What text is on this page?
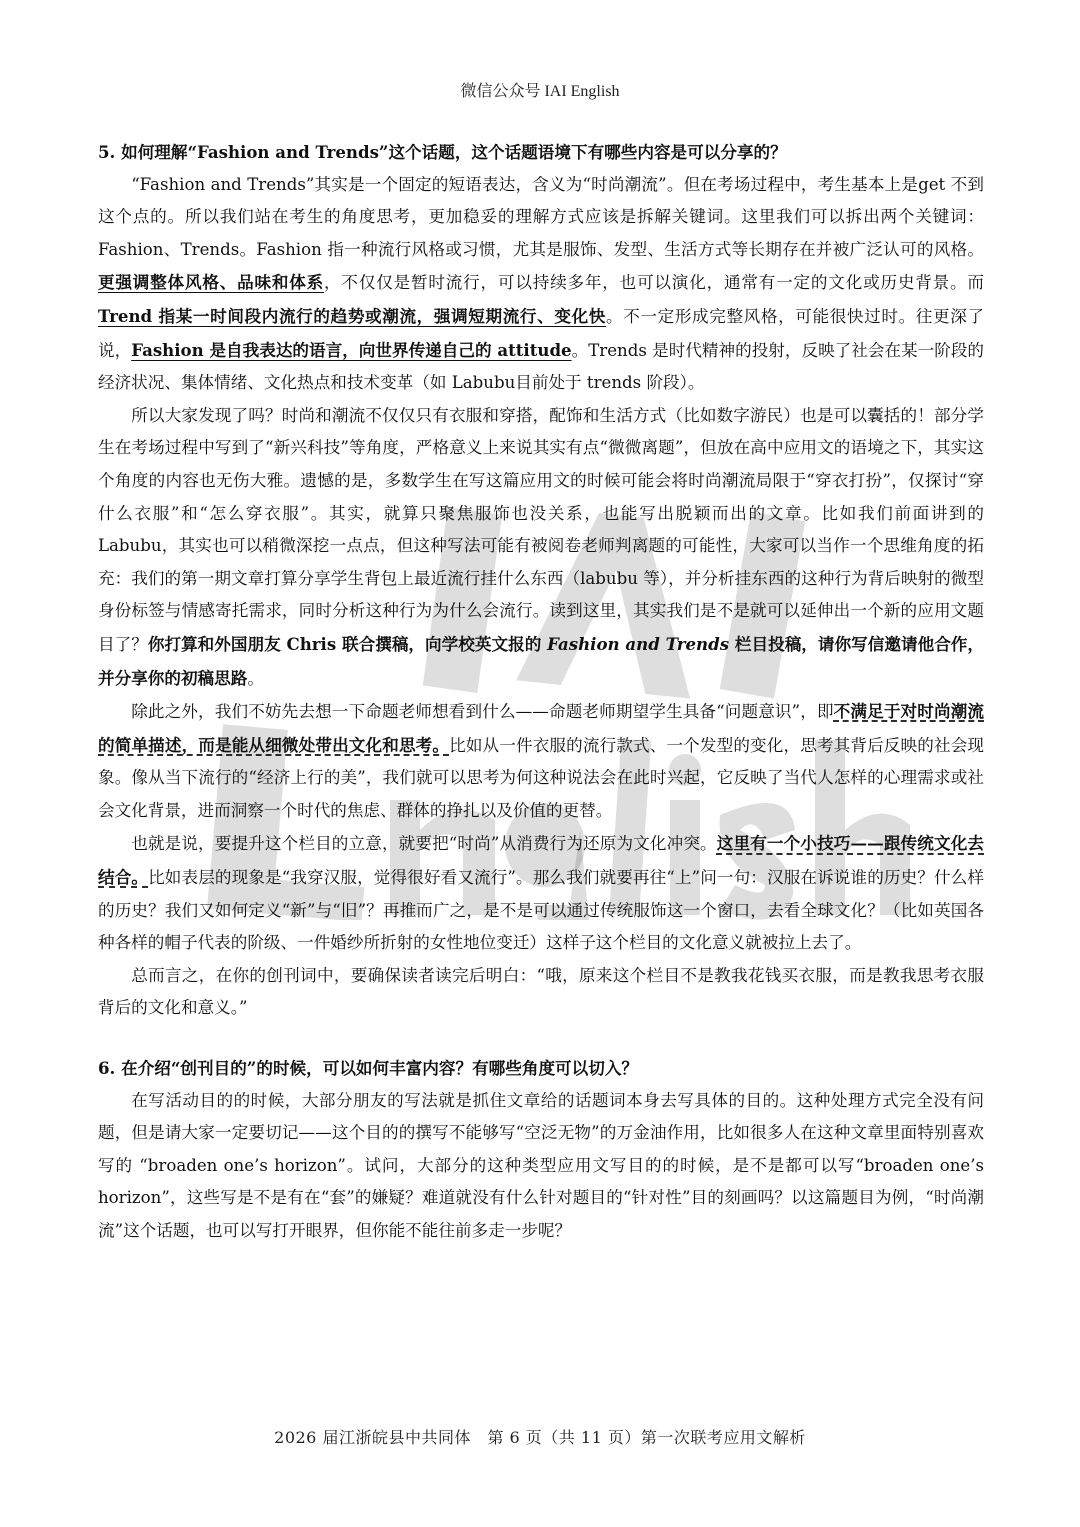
微信公众号 IAI English

5. 如何理解“Fashion and Trends”这个话题，这个话题语境下有哪些内容是可以分享的？

“Fashion and Trends”其实是一个固定的短语表达，含义为“时尚潮流”。但在考场过程中，考生基本上是get 不到这个点的。所以我们站在考生的角度思考，更加稳妥的理解方式应该是拆解关键词。这里我们可以拆出两个关键词：Fashion、Trends。Fashion 指一种流行风格或习惯，尤其是服饰、发型、生活方式等长期存在并被广泛认可的风格。更强调整体风格、品味和体系，不仅仅是暂时流行，可以持续多年，也可以演化，通常有一定的文化或历史背景。而 Trend 指某一时间段内流行的趋势或潮流，强调短期流行、变化快。不一定形成完整风格，可能很快过时。往更深了说，Fashion 是自我表达的语言，向世界传递自己的 attitude。Trends 是时代精神的投射，反映了社会在某一阶段的经济状况、集体情绪、文化热点和技术变革（如 Labubu目前处于 trends 阶段）。

所以大家发现了吗？时尚和潮流不仅仅只有衣服和穿搭，配饰和生活方式（比如数字游民）也是可以囊括的！部分学生在考场过程中写到了“新兴科技”等角度，严格意义上来说其实有点“微微离题”，但放在高中应用文的语境之下，其实这个角度的内容也无伤大雅。遗憾的是，多数学生在写这篇应用文的时候可能会将时尚潮流局限于“穿衣打扮”，仅探讨“穿什么衣服”和“怎么穿衣服”。其实，就算只聚焦服饰也没关系，也能写出脱颖而出的文章。比如我们前面讲到的 Labubu，其实也可以稍微深挖一点点，但这种写法可能有被阅卷老师判离题的可能性，大家可以当作一个思维角度的拓充：我们的第一期文章打算分享学生背包上最近流行挂什么东西（labubu 等），并分析挂东西的这种行为背后映射的微型身份标签与情感寄托需求，同时分析这种行为为什么会流行。读到这里，其实我们是不是就可以延伸出一个新的应用文题目了？你打算和外国朋友 Chris 联合撰稿，向学校英文报的 Fashion and Trends 栏目投稿，请你写信邀请他合作，并分享你的初稿思路。

除此之外，我们不妨先去想一下命题老师想看到什么——命题老师期望学生具备“问题意识”，即不满足于对时尚潮流的简单描述，而是能从细微处带出文化和思考。比如从一件衣服的流行款式、一个发型的变化，思考其背后反映的社会现象。像从当下流行的“经济上行的美”，我们就可以思考为何这种说法会在此时兴起，它反映了当代人怎样的心理需求或社会文化背景，进而洞察一个时代的焦虑、群体的挣扎以及价值的更替。

也就是说，要提升这个栏目的立意，就要把“时尚”从消费行为还原为文化冲突。这里有一个小技巧——跟传统文化去结合。比如表层的现象是“我穿汉服，觉得很好看又流行”。那么我们就要再往“上”问一句：汉服在诉说谁的历史？什么样的历史？我们又如何定义“新”与“旧”？再推而广之，是不是可以通过传统服饰这一个窗口，去看全球文化？（比如英国各种各样的帽子代表的阶级、一件婚纱所折射的女性地位变迁）这样子这个栏目的文化意义就被拉上去了。

总而言之，在你的创刊词中，要确保读者读完后明白：“哦，原来这个栏目不是教我花钱买衣服，而是教我思考衣服背后的文化和意义。”

6. 在介绍“创刊目的”的时候，可以如何丰富内容？有哪些角度可以切入？

在写活动目的的时候，大部分朋友的写法就是抓住文章给的话题词本身去写具体的目的。这种处理方式完全没有问题，但是请大家一定要切记——这个目的的撰写不能够写“空泛无物”的万金油作用，比如很多人在这种文章里面特别喜欢写的 “broaden one’s horizon”。试问，大部分的这种类型应用文写目的的时候，是不是都可以写“broaden one’s horizon”，这些写是不是有在“套”的嫌疑？难道就没有什么针对题目的“针对性”目的刻画吗？以这篇题目为例，“时尚潮流”这个话题，也可以写打开眼界，但你能不能往前多走一步呢？

2026 届江浙皖县中共同体　第 6 页（共 11 页）第一次联考应用文解析
